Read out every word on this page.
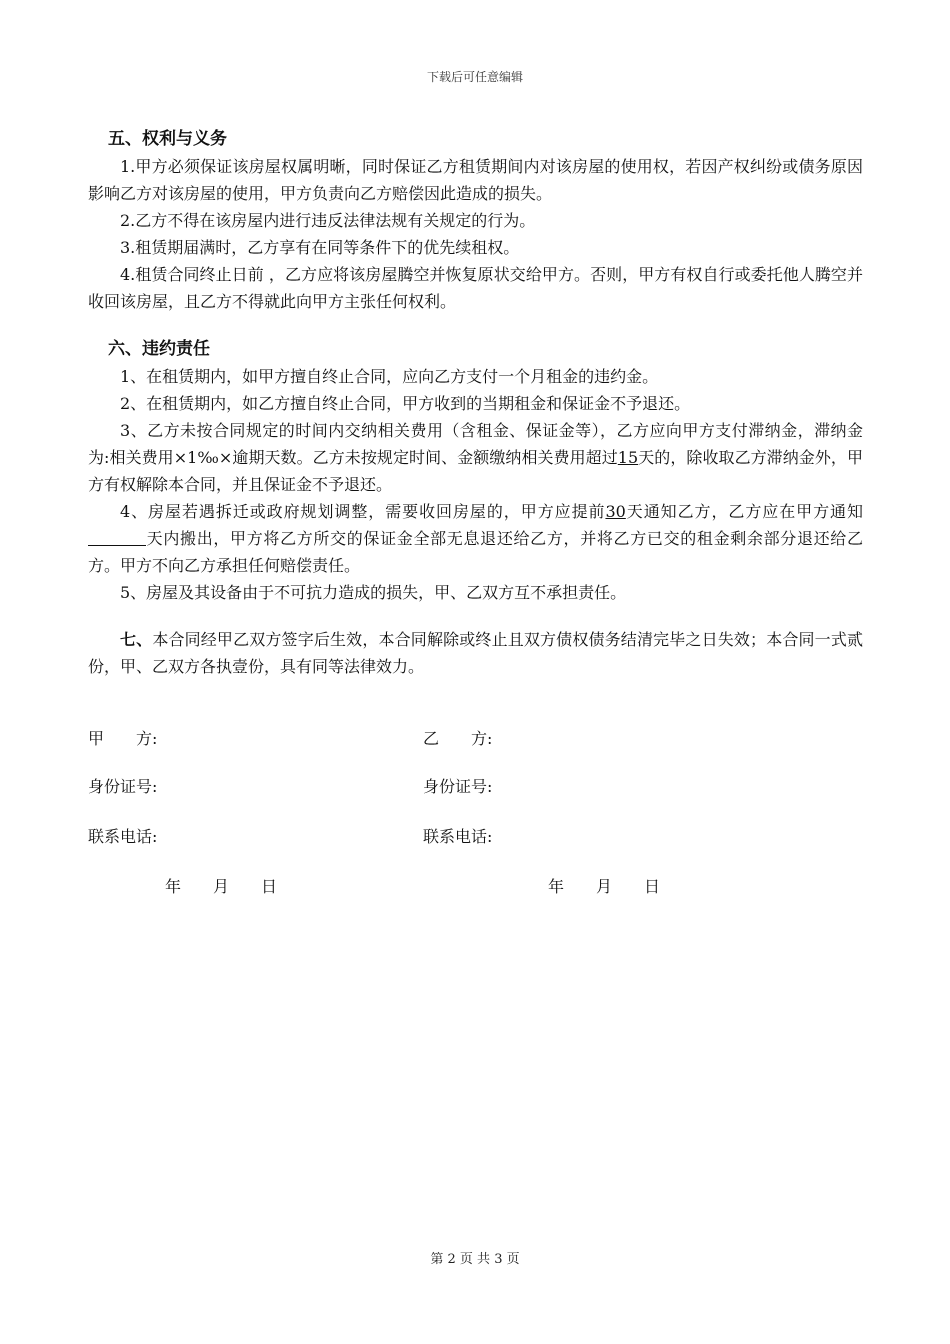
下载后可任意编辑

五、权利与义务

1.甲方必须保证该房屋权属明晰，同时保证乙方租赁期间内对该房屋的使用权，若因产权纠纷或债务原因影响乙方对该房屋的使用，甲方负责向乙方赔偿因此造成的损失。

2.乙方不得在该房屋内进行违反法律法规有关规定的行为。

3.租赁期届满时，乙方享有在同等条件下的优先续租权。

4.租赁合同终止日前 ，乙方应将该房屋腾空并恢复原状交给甲方。否则，甲方有权自行或委托他人腾空并收回该房屋，且乙方不得就此向甲方主张任何权利。

六、违约责任

1、在租赁期内，如甲方擅自终止合同，应向乙方支付一个月租金的违约金。

2、在租赁期内，如乙方擅自终止合同，甲方收到的当期租金和保证金不予退还。

3、乙方未按合同规定的时间内交纳相关费用（含租金、保证金等），乙方应向甲方支付滞纳金，滞纳金为:相关费用×1‰×逾期天数。乙方未按规定时间、金额缴纳相关费用超过15天的，除收取乙方滞纳金外，甲方有权解除本合同，并且保证金不予退还。

4、房屋若遇拆迁或政府规划调整，需要收回房屋的，甲方应提前30天通知乙方，乙方应在甲方通知天内搬出，甲方将乙方所交的保证金全部无息退还给乙方，并将乙方已交的租金剩余部分退还给乙方。甲方不向乙方承担任何赔偿责任。

5、房屋及其设备由于不可抗力造成的损失，甲、乙双方互不承担责任。

七、本合同经甲乙双方签字后生效，本合同解除或终止且双方债权债务结清完毕之日失效；本合同一式贰份，甲、乙双方各执壹份，具有同等法律效力。

甲　　方:	乙　　方:
身份证号:	身份证号:
联系电话:	联系电话:
年　　月　　日	年　　月　　日
第 2 页 共 3 页
